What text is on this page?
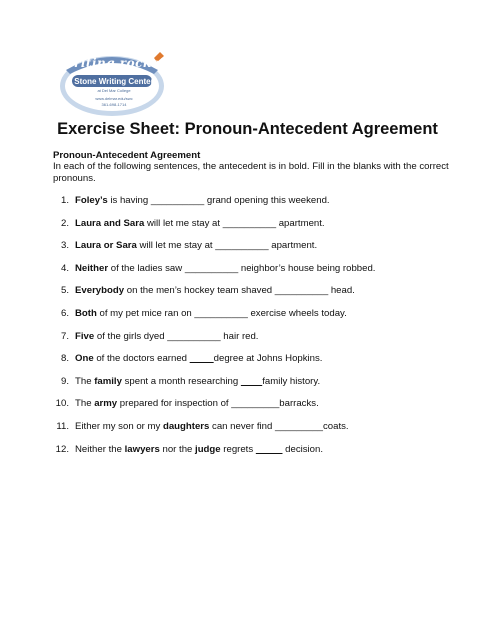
writing rocks!
Stone Writing Center
at Del Mar College
www.delmar.edu/swc
361-698-1714
Exercise Sheet: Pronoun-Antecedent Agreement
Pronoun-Antecedent Agreement

In each of the following sentences, the antecedent is in bold. Fill in the blanks with the correct pronouns.

1. Foley’s is having __________ grand opening this weekend.
2. Laura and Sara will let me stay at __________ apartment.
3. Laura or Sara will let me stay at __________ apartment.
4. Neither of the ladies saw __________ neighbor’s house being robbed.
5. Everybody on the men’s hockey team shaved __________ head.
6. Both of my pet mice ran on __________ exercise wheels today.
7. Five of the girls dyed __________ hair red.
8. One of the doctors earned	degree at Johns Hopkins.
9. The family spent a month researching         family history.
10. The army prepared for inspection of _________barracks.
11. Either my son or my daughters can never find _________coats.
12. Neither the lawyers nor the judge regrets	decision.
